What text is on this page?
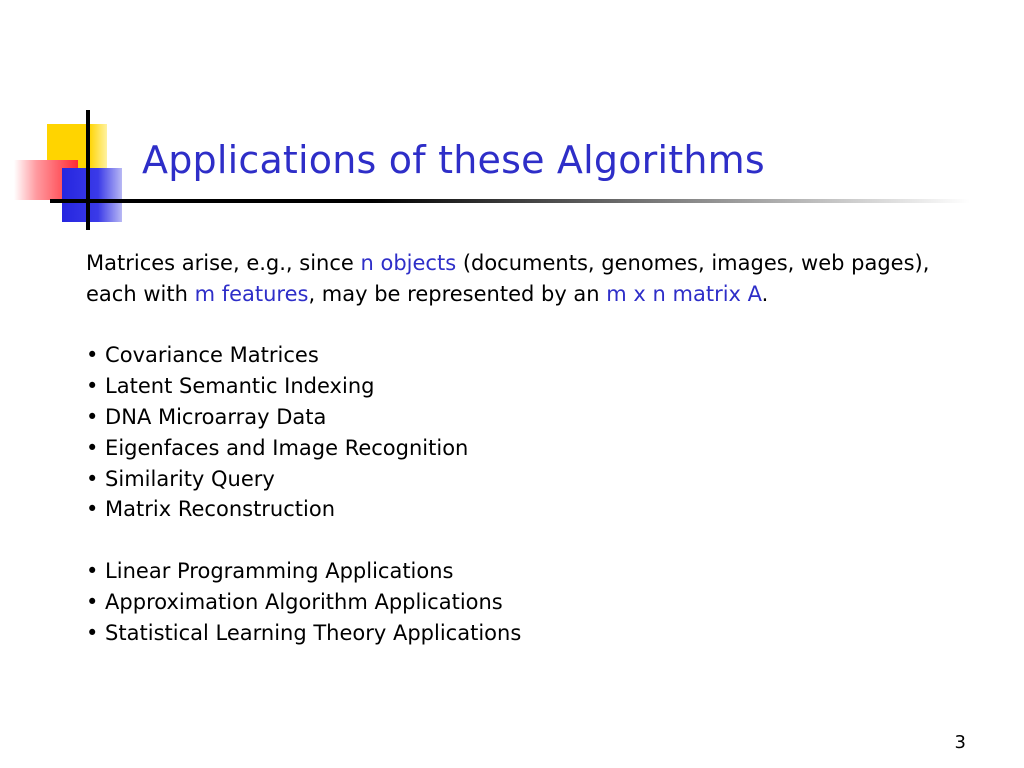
Applications of these Algorithms

Matrices arise, e.g., since n objects (documents, genomes, images, web pages), each with m features, may be represented by an m x n matrix A.

• Covariance Matrices
• Latent Semantic Indexing
• DNA Microarray Data
• Eigenfaces and Image Recognition
• Similarity Query
• Matrix Reconstruction
• Linear Programming Applications
• Approximation Algorithm Applications
• Statistical Learning Theory Applications
3
